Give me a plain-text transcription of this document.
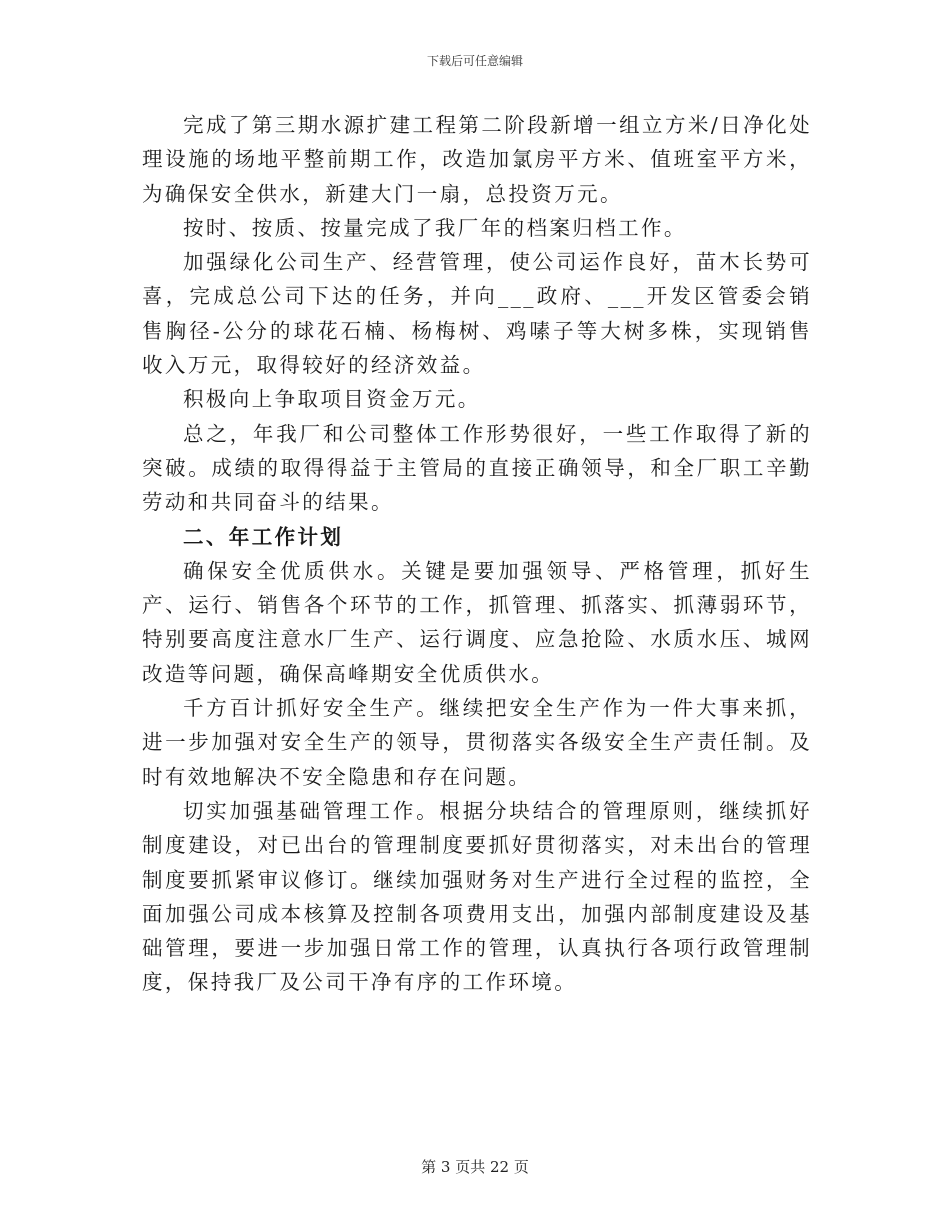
下载后可任意编辑

完成了第三期水源扩建工程第二阶段新增一组立方米/日净化处理设施的场地平整前期工作，改造加氯房平方米、值班室平方米，为确保安全供水，新建大门一扇，总投资万元。

按时、按质、按量完成了我厂年的档案归档工作。

加强绿化公司生产、经营管理，使公司运作良好，苗木长势可喜，完成总公司下达的任务，并向___政府、___开发区管委会销售胸径-公分的球花石楠、杨梅树、鸡嗉子等大树多株，实现销售收入万元，取得较好的经济效益。

积极向上争取项目资金万元。

总之，年我厂和公司整体工作形势很好，一些工作取得了新的突破。成绩的取得得益于主管局的直接正确领导，和全厂职工辛勤劳动和共同奋斗的结果。

二、年工作计划

确保安全优质供水。关键是要加强领导、严格管理，抓好生产、运行、销售各个环节的工作，抓管理、抓落实、抓薄弱环节，特别要高度注意水厂生产、运行调度、应急抢险、水质水压、城网改造等问题，确保高峰期安全优质供水。

千方百计抓好安全生产。继续把安全生产作为一件大事来抓，进一步加强对安全生产的领导，贯彻落实各级安全生产责任制。及时有效地解决不安全隐患和存在问题。

切实加强基础管理工作。根据分块结合的管理原则，继续抓好制度建设，对已出台的管理制度要抓好贯彻落实，对未出台的管理制度要抓紧审议修订。继续加强财务对生产进行全过程的监控，全面加强公司成本核算及控制各项费用支出，加强内部制度建设及基础管理，要进一步加强日常工作的管理，认真执行各项行政管理制度，保持我厂及公司干净有序的工作环境。

第 3 页共 22 页
